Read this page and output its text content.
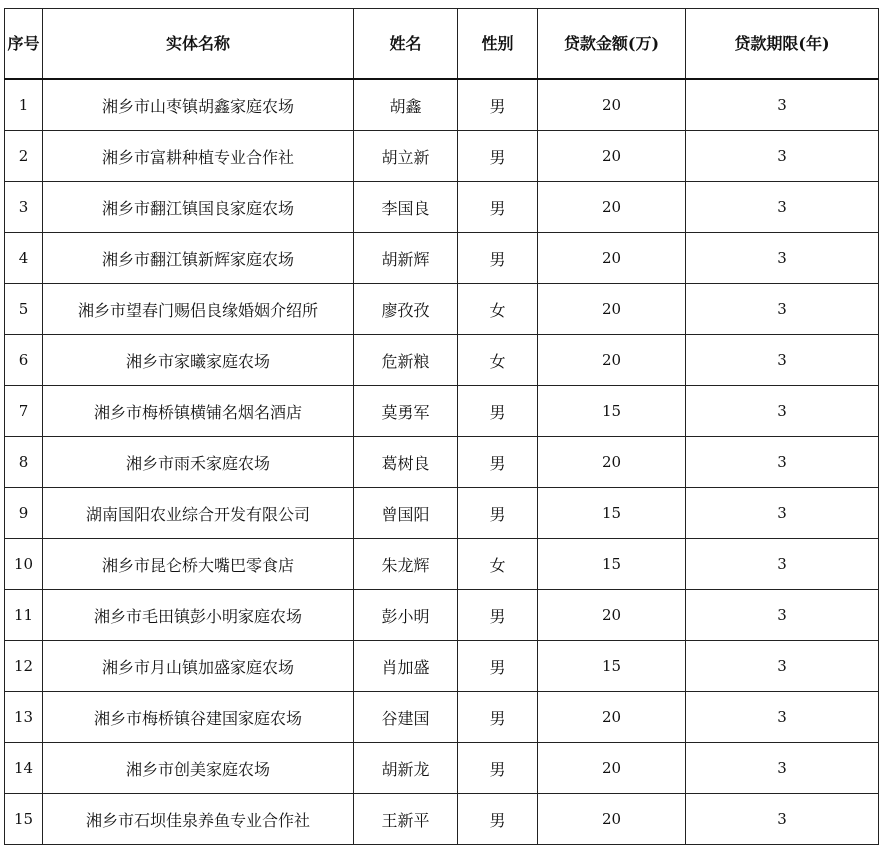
序号	实体名称	姓名	性别	贷款金额(万)	贷款期限(年)
1	湘乡市山枣镇胡鑫家庭农场	胡鑫	男	20	3
2	湘乡市富耕种植专业合作社	胡立新	男	20	3
3	湘乡市翻江镇国良家庭农场	李国良	男	20	3
4	湘乡市翻江镇新辉家庭农场	胡新辉	男	20	3
5	湘乡市望春门赐侣良缘婚姻介绍所	廖孜孜	女	20	3
6	湘乡市家曦家庭农场	危新粮	女	20	3
7	湘乡市梅桥镇横铺名烟名酒店	莫勇军	男	15	3
8	湘乡市雨禾家庭农场	葛树良	男	20	3
9	湖南国阳农业综合开发有限公司	曾国阳	男	15	3
10	湘乡市昆仑桥大嘴巴零食店	朱龙辉	女	15	3
11	湘乡市毛田镇彭小明家庭农场	彭小明	男	20	3
12	湘乡市月山镇加盛家庭农场	肖加盛	男	15	3
13	湘乡市梅桥镇谷建国家庭农场	谷建国	男	20	3
14	湘乡市创美家庭农场	胡新龙	男	20	3
15	湘乡市石坝佳泉养鱼专业合作社	王新平	男	20	3
